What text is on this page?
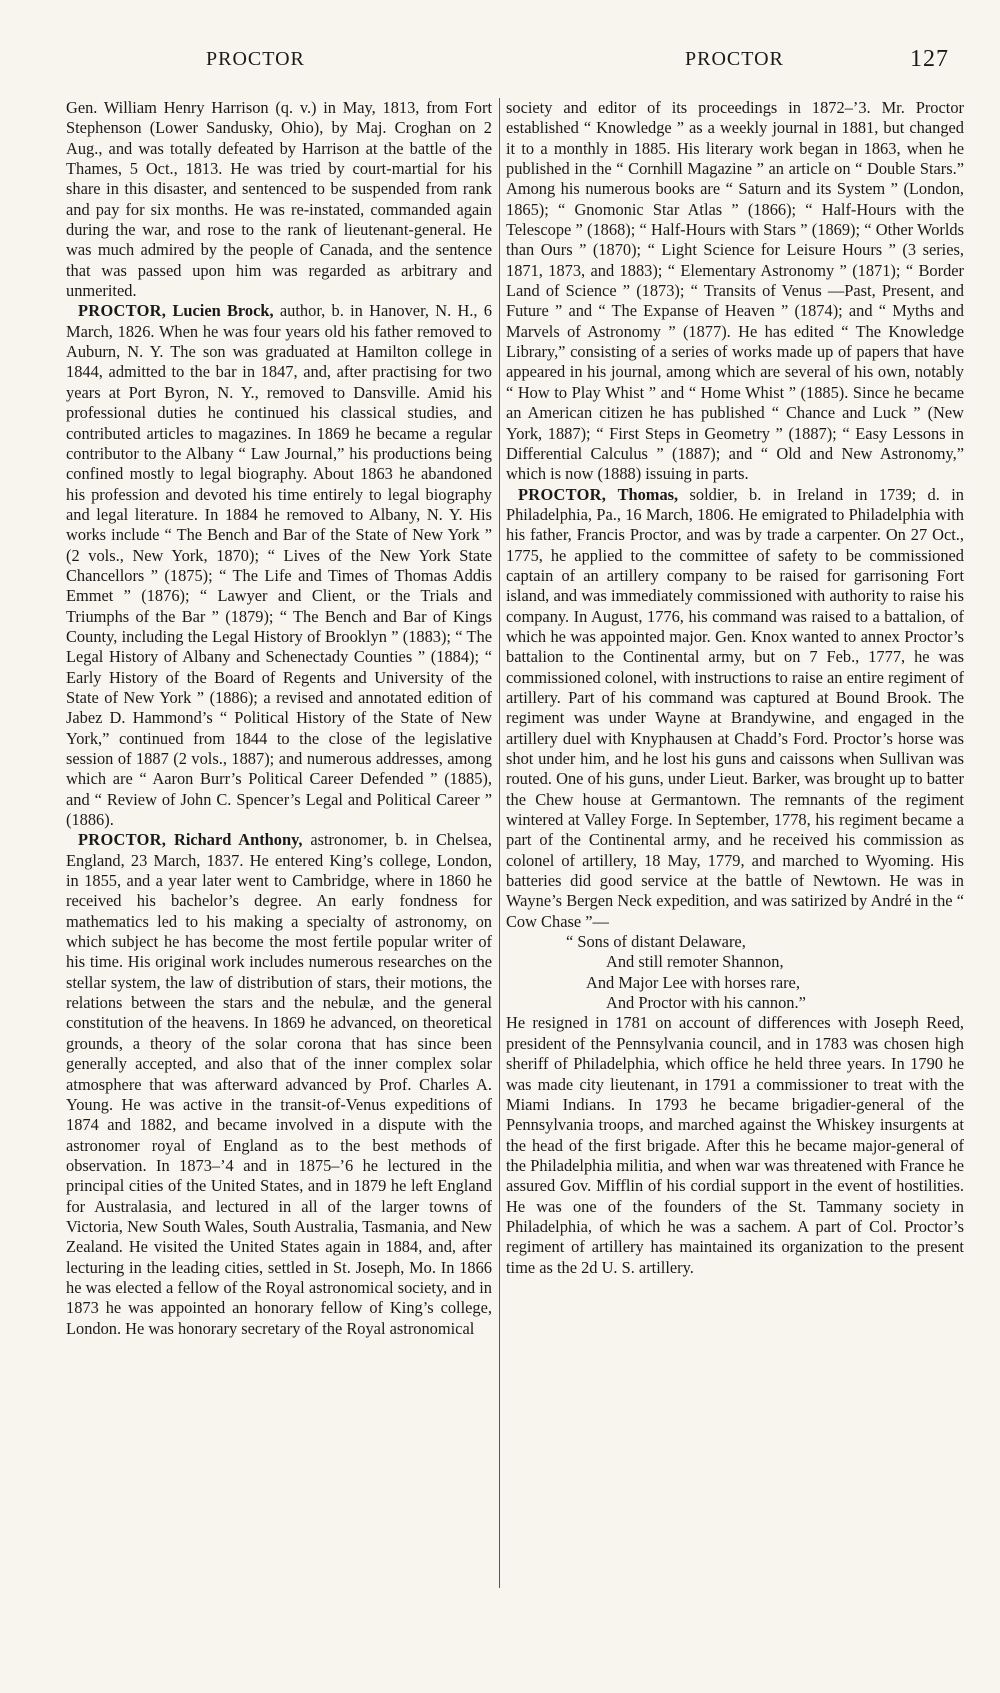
PROCTOR	PROCTOR	127

Gen. William Henry Harrison (q. v.) in May, 1813, from Fort Stephenson (Lower Sandusky, Ohio), by Maj. Croghan on 2 Aug., and was totally defeated by Harrison at the battle of the Thames, 5 Oct., 1813. He was tried by court-martial for his share in this disaster, and sentenced to be suspended from rank and pay for six months. He was re-instated, commanded again during the war, and rose to the rank of lieutenant-general. He was much admired by the people of Canada, and the sentence that was passed upon him was regarded as arbitrary and unmerited.

PROCTOR, Lucien Brock, author, b. in Hanover, N. H., 6 March, 1826. When he was four years old his father removed to Auburn, N. Y. The son was graduated at Hamilton college in 1844, admitted to the bar in 1847, and, after practising for two years at Port Byron, N. Y., removed to Dansville. Amid his professional duties he continued his classical studies, and contributed articles to magazines. In 1869 he became a regular contributor to the Albany “ Law Journal,” his productions being confined mostly to legal biography. About 1863 he abandoned his profession and devoted his time entirely to legal biography and legal literature. In 1884 he removed to Albany, N. Y. His works include “ The Bench and Bar of the State of New York ” (2 vols., New York, 1870); “ Lives of the New York State Chancellors ” (1875); “ The Life and Times of Thomas Addis Emmet ” (1876); “ Lawyer and Client, or the Trials and Triumphs of the Bar ” (1879); “ The Bench and Bar of Kings County, including the Legal History of Brooklyn ” (1883); “ The Legal History of Albany and Schenectady Counties ” (1884); “ Early History of the Board of Regents and University of the State of New York ” (1886); a revised and annotated edition of Jabez D. Hammond’s “ Political History of the State of New York,” continued from 1844 to the close of the legislative session of 1887 (2 vols., 1887); and numerous addresses, among which are “ Aaron Burr’s Political Career Defended ” (1885), and “ Review of John C. Spencer’s Legal and Political Career ” (1886).

PROCTOR, Richard Anthony, astronomer, b. in Chelsea, England, 23 March, 1837. He entered King’s college, London, in 1855, and a year later went to Cambridge, where in 1860 he received his bachelor’s degree. An early fondness for mathematics led to his making a specialty of astronomy, on which subject he has become the most fertile popular writer of his time. His original work includes numerous researches on the stellar system, the law of distribution of stars, their motions, the relations between the stars and the nebulæ, and the general constitution of the heavens. In 1869 he advanced, on theoretical grounds, a theory of the solar corona that has since been generally accepted, and also that of the inner complex solar atmosphere that was afterward advanced by Prof. Charles A. Young. He was active in the transit-of-Venus expeditions of 1874 and 1882, and became involved in a dispute with the astronomer royal of England as to the best methods of observation. In 1873–’4 and in 1875–’6 he lectured in the principal cities of the United States, and in 1879 he left England for Australasia, and lectured in all of the larger towns of Victoria, New South Wales, South Australia, Tasmania, and New Zealand. He visited the United States again in 1884, and, after lecturing in the leading cities, settled in St. Joseph, Mo. In 1866 he was elected a fellow of the Royal astronomical society, and in 1873 he was appointed an honorary fellow of King’s college, London. He was honorary secretary of the Royal astronomical

society and editor of its proceedings in 1872–’3. Mr. Proctor established “ Knowledge ” as a weekly journal in 1881, but changed it to a monthly in 1885. His literary work began in 1863, when he published in the “ Cornhill Magazine ” an article on “ Double Stars.” Among his numerous books are “ Saturn and its System ” (London, 1865); “ Gnomonic Star Atlas ” (1866); “ Half-Hours with the Telescope ” (1868); “ Half-Hours with Stars ” (1869); “ Other Worlds than Ours ” (1870); “ Light Science for Leisure Hours ” (3 series, 1871, 1873, and 1883); “ Elementary Astronomy ” (1871); “ Border Land of Science ” (1873); “ Transits of Venus —Past, Present, and Future ” and “ The Expanse of Heaven ” (1874); and “ Myths and Marvels of Astronomy ” (1877). He has edited “ The Knowledge Library,” consisting of a series of works made up of papers that have appeared in his journal, among which are several of his own, notably “ How to Play Whist ” and “ Home Whist ” (1885). Since he became an American citizen he has published “ Chance and Luck ” (New York, 1887); “ First Steps in Geometry ” (1887); “ Easy Lessons in Differential Calculus ” (1887); and “ Old and New Astronomy,” which is now (1888) issuing in parts.

PROCTOR, Thomas, soldier, b. in Ireland in 1739; d. in Philadelphia, Pa., 16 March, 1806. He emigrated to Philadelphia with his father, Francis Proctor, and was by trade a carpenter. On 27 Oct., 1775, he applied to the committee of safety to be commissioned captain of an artillery company to be raised for garrisoning Fort island, and was immediately commissioned with authority to raise his company. In August, 1776, his command was raised to a battalion, of which he was appointed major. Gen. Knox wanted to annex Proctor’s battalion to the Continental army, but on 7 Feb., 1777, he was commissioned colonel, with instructions to raise an entire regiment of artillery. Part of his command was captured at Bound Brook. The regiment was under Wayne at Brandywine, and engaged in the artillery duel with Knyphausen at Chadd’s Ford. Proctor’s horse was shot under him, and he lost his guns and caissons when Sullivan was routed. One of his guns, under Lieut. Barker, was brought up to batter the Chew house at Germantown. The remnants of the regiment wintered at Valley Forge. In September, 1778, his regiment became a part of the Continental army, and he received his commission as colonel of artillery, 18 May, 1779, and marched to Wyoming. His batteries did good service at the battle of Newtown. He was in Wayne’s Bergen Neck expedition, and was satirized by André in the “ Cow Chase ”—

“ Sons of distant Delaware,
And still remoter Shannon,
And Major Lee with horses rare,
And Proctor with his cannon.”

He resigned in 1781 on account of differences with Joseph Reed, president of the Pennsylvania council, and in 1783 was chosen high sheriff of Philadelphia, which office he held three years. In 1790 he was made city lieutenant, in 1791 a commissioner to treat with the Miami Indians. In 1793 he became brigadier-general of the Pennsylvania troops, and marched against the Whiskey insurgents at the head of the first brigade. After this he became major-general of the Philadelphia militia, and when war was threatened with France he assured Gov. Mifflin of his cordial support in the event of hostilities. He was one of the founders of the St. Tammany society in Philadelphia, of which he was a sachem. A part of Col. Proctor’s regiment of artillery has maintained its organization to the present time as the 2d U. S. artillery.
